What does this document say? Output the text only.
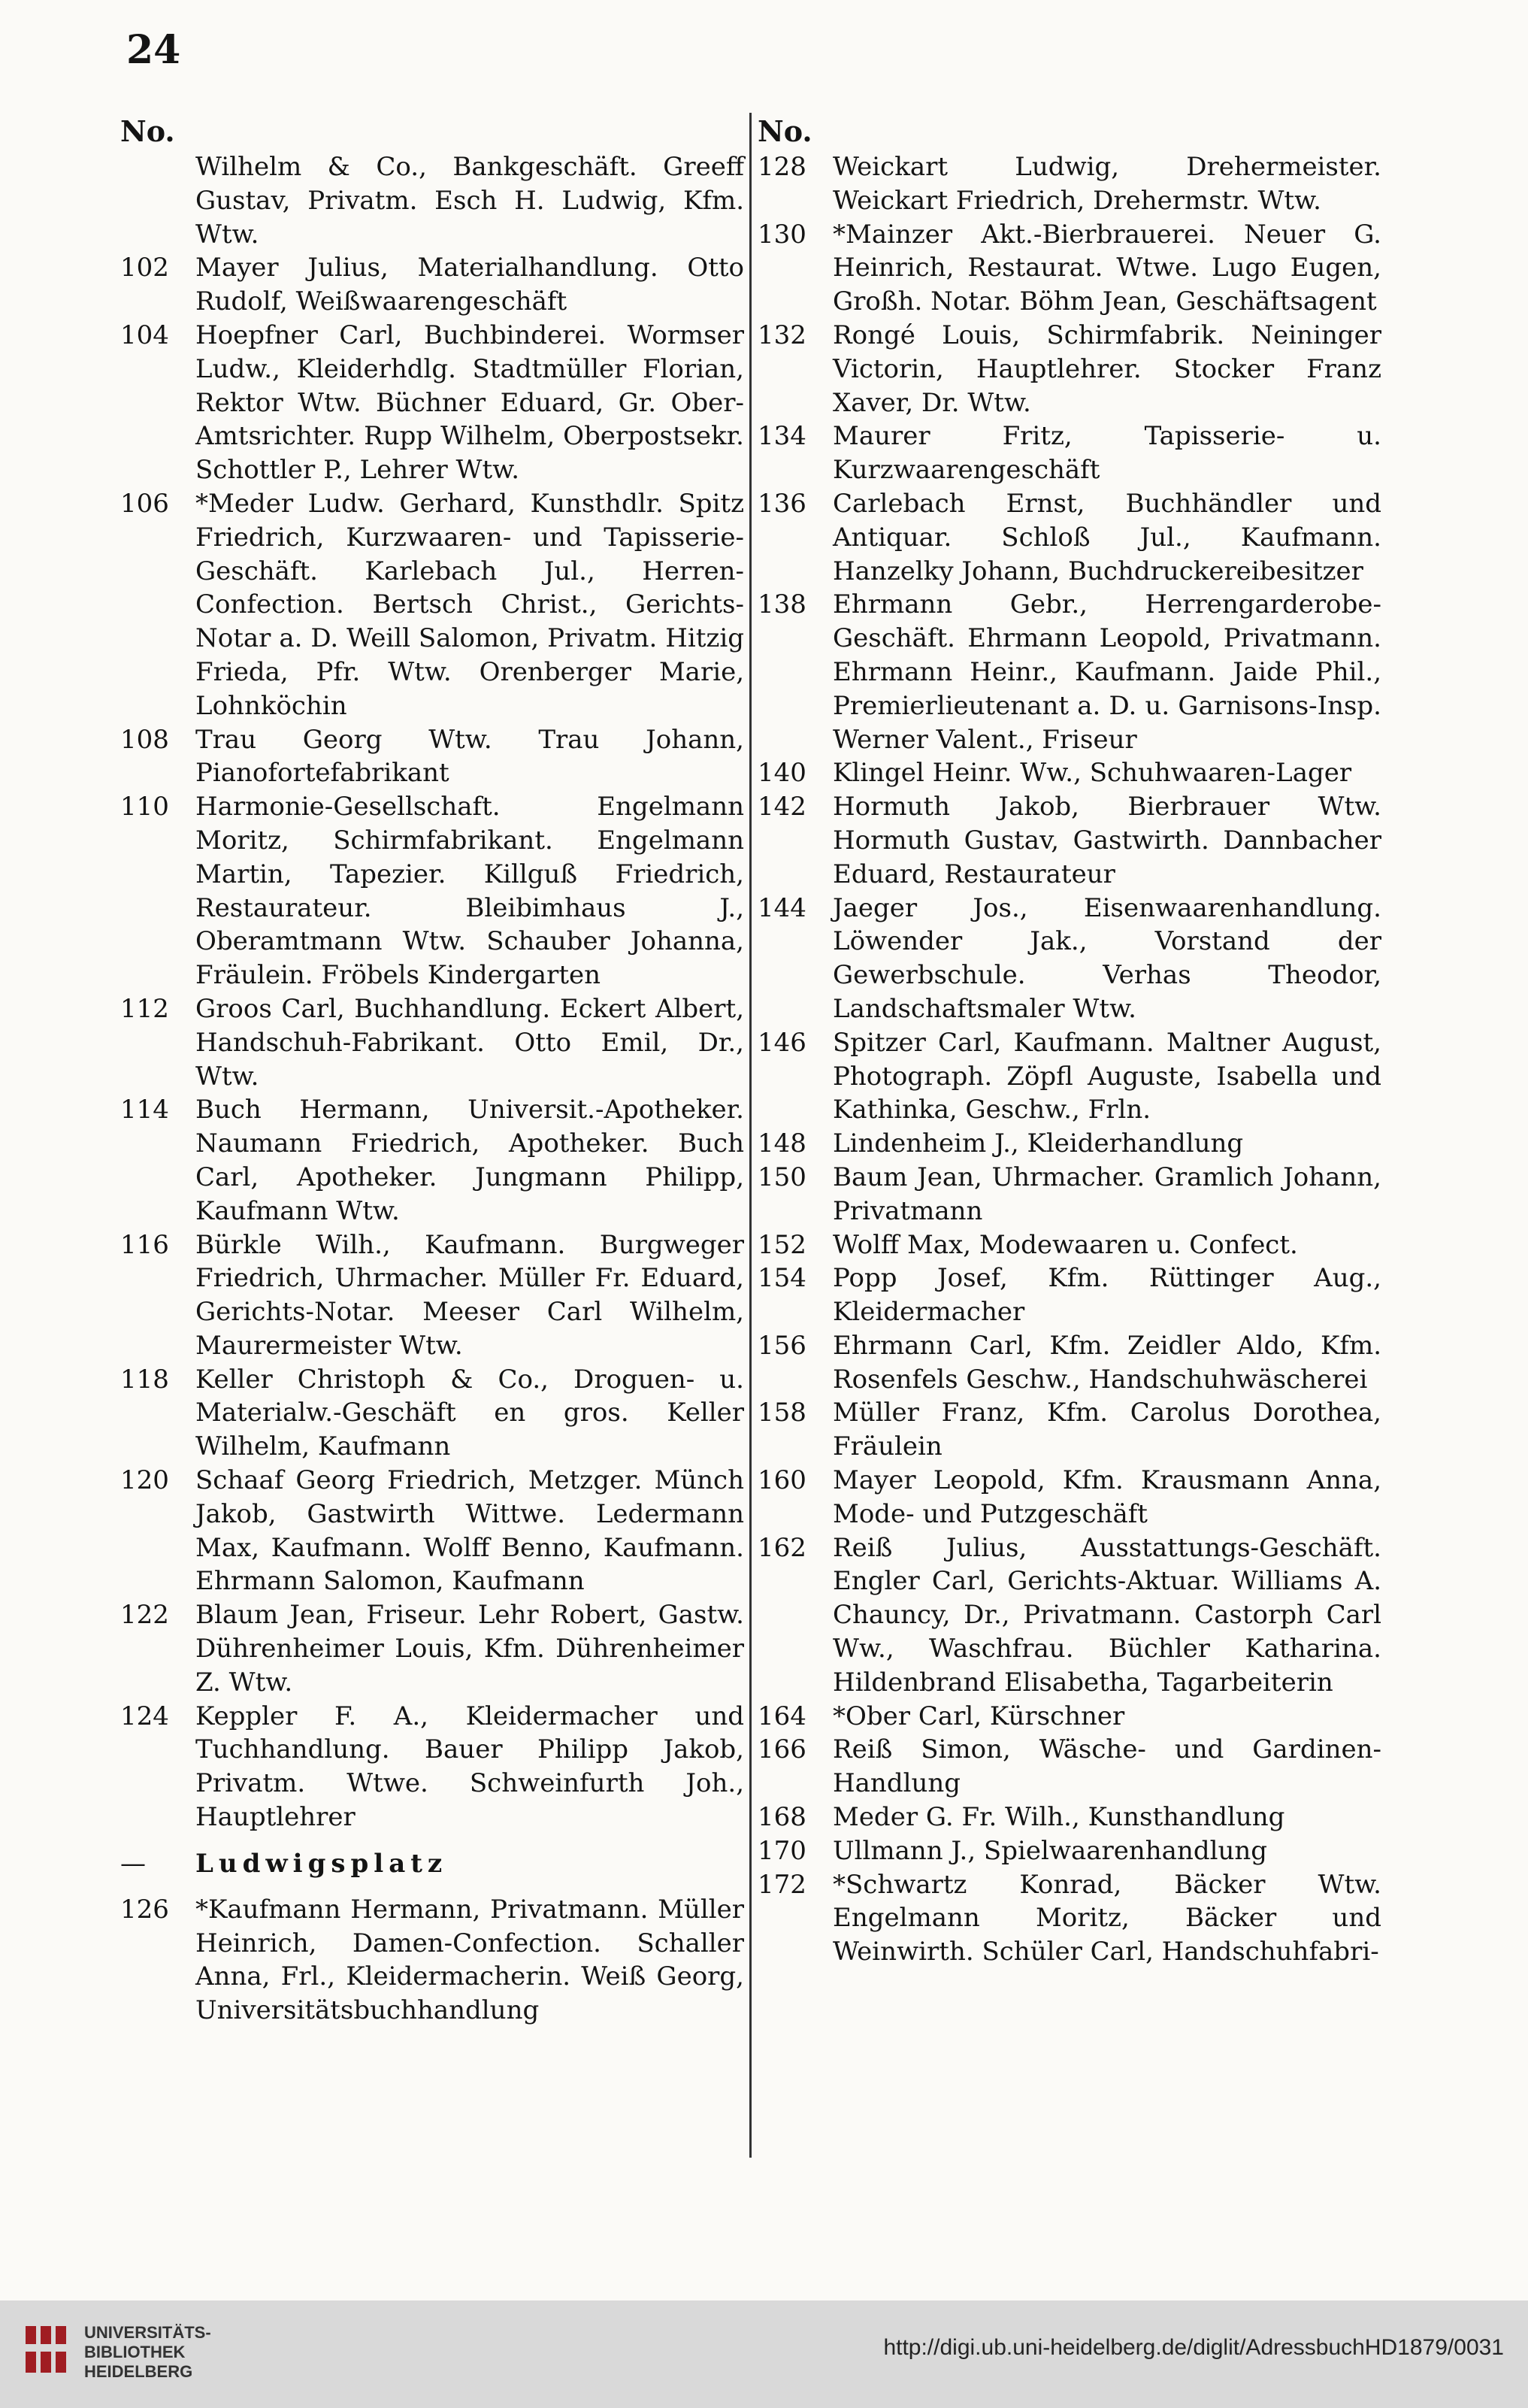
24
No.
Wilhelm & Co., Bankgeschäft. Greeff Gustav, Privatm. Esch H. Ludwig, Kfm. Wtw.
102	Mayer Julius, Materialhandlung. Otto Rudolf, Weißwaarengeschäft
104	Hoepfner Carl, Buchbinderei. Wormser Ludw., Kleiderhdlg. Stadtmüller Florian, Rektor Wtw. Büchner Eduard, Gr. Ober-Amtsrichter. Rupp Wilhelm, Oberpostsekr. Schottler P., Lehrer Wtw.
106	*Meder Ludw. Gerhard, Kunsthdlr. Spitz Friedrich, Kurzwaaren- und Tapisserie-Geschäft. Karlebach Jul., Herren-Confection. Bertsch Christ., Gerichts-Notar a. D. Weill Salomon, Privatm. Hitzig Frieda, Pfr. Wtw. Orenberger Marie, Lohnköchin
108	Trau Georg Wtw. Trau Johann, Pianofortefabrikant
110	Harmonie-Gesellschaft. Engelmann Moritz, Schirmfabrikant. Engelmann Martin, Tapezier. Killguß Friedrich, Restaurateur. Bleibimhaus J., Oberamtmann Wtw. Schauber Johanna, Fräulein. Fröbels Kindergarten
112	Groos Carl, Buchhandlung. Eckert Albert, Handschuh-Fabrikant. Otto Emil, Dr., Wtw.
114	Buch Hermann, Universit.-Apotheker. Naumann Friedrich, Apotheker. Buch Carl, Apotheker. Jungmann Philipp, Kaufmann Wtw.
116	Bürkle Wilh., Kaufmann. Burgweger Friedrich, Uhrmacher. Müller Fr. Eduard, Gerichts-Notar. Meeser Carl Wilhelm, Maurermeister Wtw.
118	Keller Christoph & Co., Droguen- u. Materialw.-Geschäft en gros. Keller Wilhelm, Kaufmann
120	Schaaf Georg Friedrich, Metzger. Münch Jakob, Gastwirth Wittwe. Ledermann Max, Kaufmann. Wolff Benno, Kaufmann. Ehrmann Salomon, Kaufmann
122	Blaum Jean, Friseur. Lehr Robert, Gastw. Dührenheimer Louis, Kfm. Dührenheimer Z. Wtw.
124	Keppler F. A., Kleidermacher und Tuchhandlung. Bauer Philipp Jakob, Privatm. Wtwe. Schweinfurth Joh., Hauptlehrer
—	Ludwigsplatz
126	*Kaufmann Hermann, Privatmann. Müller Heinrich, Damen-Confection. Schaller Anna, Frl., Kleidermacherin. Weiß Georg, Universitätsbuchhandlung
No.
128	Weickart Ludwig, Drehermeister. Weickart Friedrich, Drehermstr. Wtw.
130	*Mainzer Akt.-Bierbrauerei. Neuer G. Heinrich, Restaurat. Wtwe. Lugo Eugen, Großh. Notar. Böhm Jean, Geschäftsagent
132	Rongé Louis, Schirmfabrik. Neininger Victorin, Hauptlehrer. Stocker Franz Xaver, Dr. Wtw.
134	Maurer Fritz, Tapisserie- u. Kurzwaarengeschäft
136	Carlebach Ernst, Buchhändler und Antiquar. Schloß Jul., Kaufmann. Hanzelky Johann, Buchdruckereibesitzer
138	Ehrmann Gebr., Herrengarderobe-Geschäft. Ehrmann Leopold, Privatmann. Ehrmann Heinr., Kaufmann. Jaide Phil., Premierlieutenant a. D. u. Garnisons-Insp. Werner Valent., Friseur
140	Klingel Heinr. Ww., Schuhwaaren-Lager
142	Hormuth Jakob, Bierbrauer Wtw. Hormuth Gustav, Gastwirth. Dannbacher Eduard, Restaurateur
144	Jaeger Jos., Eisenwaarenhandlung. Löwender Jak., Vorstand der Gewerbschule. Verhas Theodor, Landschaftsmaler Wtw.
146	Spitzer Carl, Kaufmann. Maltner August, Photograph. Zöpfl Auguste, Isabella und Kathinka, Geschw., Frln.
148	Lindenheim J., Kleiderhandlung
150	Baum Jean, Uhrmacher. Gramlich Johann, Privatmann
152	Wolff Max, Modewaaren u. Confect.
154	Popp Josef, Kfm. Rüttinger Aug., Kleidermacher
156	Ehrmann Carl, Kfm. Zeidler Aldo, Kfm. Rosenfels Geschw., Handschuhwäscherei
158	Müller Franz, Kfm. Carolus Dorothea, Fräulein
160	Mayer Leopold, Kfm. Krausmann Anna, Mode- und Putzgeschäft
162	Reiß Julius, Ausstattungs-Geschäft. Engler Carl, Gerichts-Aktuar. Williams A. Chauncy, Dr., Privatmann. Castorph Carl Ww., Waschfrau. Büchler Katharina. Hildenbrand Elisabetha, Tagarbeiterin
164	*Ober Carl, Kürschner
166	Reiß Simon, Wäsche- und Gardinen-Handlung
168	Meder G. Fr. Wilh., Kunsthandlung
170	Ullmann J., Spielwaarenhandlung
172	*Schwartz Konrad, Bäcker Wtw. Engelmann Moritz, Bäcker und Weinwirth. Schüler Carl, Handschuhfabri-
UNIVERSITÄTS-
BIBLIOTHEK
HEIDELBERG
http://digi.ub.uni-heidelberg.de/diglit/AdressbuchHD1879/0031
